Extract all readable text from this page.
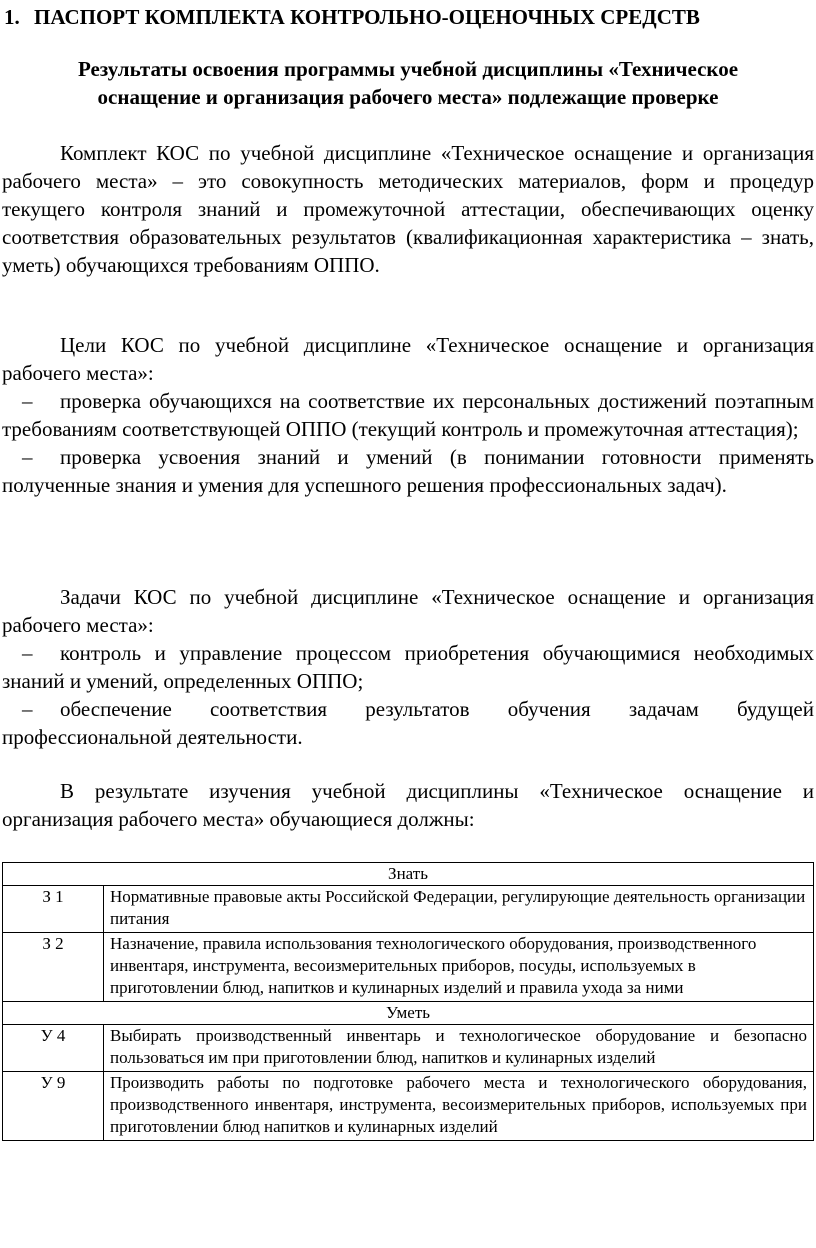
1. ПАСПОРТ КОМПЛЕКТА КОНТРОЛЬНО-ОЦЕНОЧНЫХ СРЕДСТВ
Результаты освоения программы учебной дисциплины «Техническое
оснащение и организация рабочего места» подлежащие проверке

Комплект КОС по учебной дисциплине «Техническое оснащение и организация рабочего места» – это совокупность методических материалов, форм и процедур текущего контроля знаний и промежуточной аттестации, обеспечивающих оценку соответствия образовательных результатов (квалификационная характеристика – знать, уметь) обучающихся требованиям ОППО.

Цели КОС по учебной дисциплине «Техническое оснащение и организация рабочего места»:

– проверка обучающихся на соответствие их персональных достижений поэтапным требованиям соответствующей ОППО (текущий контроль и промежуточная аттестация);

– проверка усвоения знаний и умений (в понимании готовности применять полученные знания и умения для успешного решения профессиональных задач).

Задачи КОС по учебной дисциплине «Техническое оснащение и организация рабочего места»:

– контроль и управление процессом приобретения обучающимися необходимых знаний и умений, определенных ОППО;

– обеспечение соответствия результатов обучения задачам будущей профессиональной деятельности.

В результате изучения учебной дисциплины «Техническое оснащение и организация рабочего места» обучающиеся должны:

Знать	
З 1	Нормативные правовые акты Российской Федерации, регулирующие деятельность организации питания
З 2	Назначение, правила использования технологического оборудования, производственного инвентаря, инструмента, весоизмерительных приборов, посуды, используемых в приготовлении блюд, напитков и кулинарных изделий и правила ухода за ними
Уметь	
У 4	Выбирать производственный инвентарь и технологическое оборудование и безопасно пользоваться им при приготовлении блюд, напитков и кулинарных изделий
У 9	Производить работы по подготовке рабочего места и технологического оборудования, производственного инвентаря, инструмента, весоизмерительных приборов, используемых при приготовлении блюд напитков и кулинарных изделий
